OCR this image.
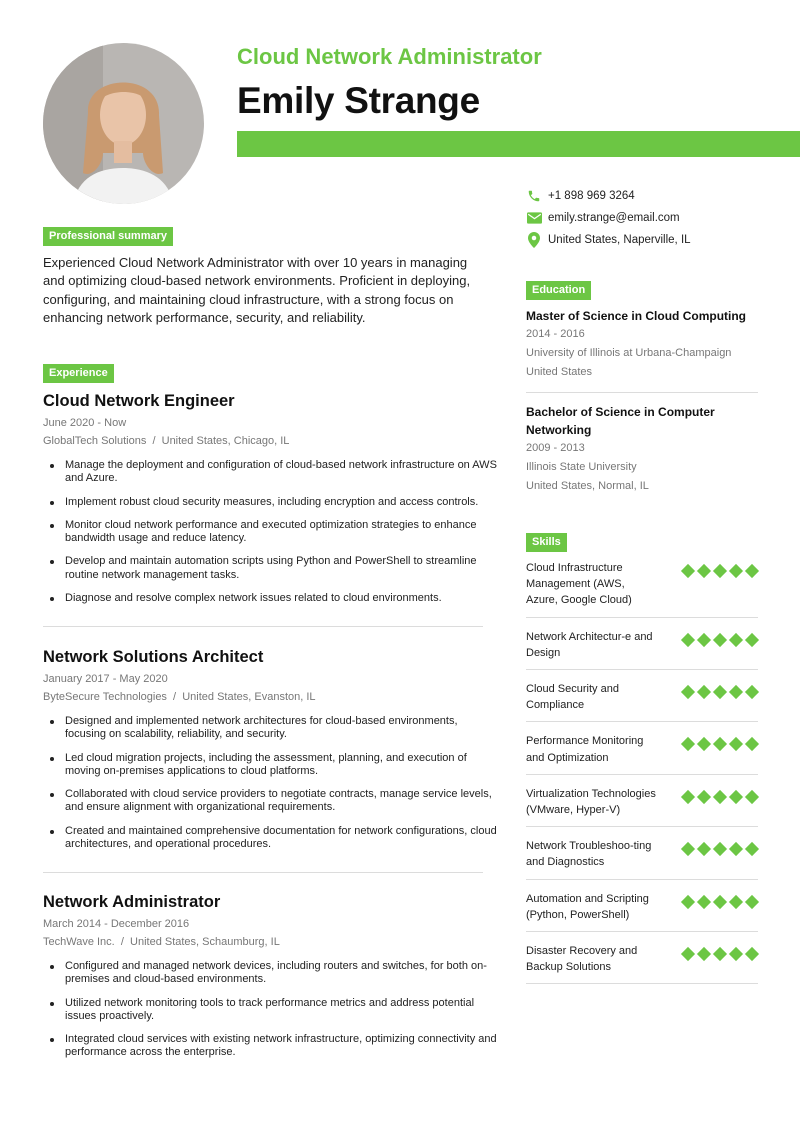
Cloud Network Administrator
Emily Strange
+1 898 969 3264
emily.strange@email.com
United States, Naperville, IL
Professional summary
Experienced Cloud Network Administrator with over 10 years in managing and optimizing cloud-based network environments. Proficient in deploying, configuring, and maintaining cloud infrastructure, with a strong focus on enhancing network performance, security, and reliability.
Experience
Cloud Network Engineer
June 2020 - Now
GlobalTech Solutions  /  United States, Chicago, IL
Manage the deployment and configuration of cloud-based network infrastructure on AWS and Azure.
Implement robust cloud security measures, including encryption and access controls.
Monitor cloud network performance and executed optimization strategies to enhance bandwidth usage and reduce latency.
Develop and maintain automation scripts using Python and PowerShell to streamline routine network management tasks.
Diagnose and resolve complex network issues related to cloud environments.
Network Solutions Architect
January 2017 - May 2020
ByteSecure Technologies  /  United States, Evanston, IL
Designed and implemented network architectures for cloud-based environments, focusing on scalability, reliability, and security.
Led cloud migration projects, including the assessment, planning, and execution of moving on-premises applications to cloud platforms.
Collaborated with cloud service providers to negotiate contracts, manage service levels, and ensure alignment with organizational requirements.
Created and maintained comprehensive documentation for network configurations, cloud architectures, and operational procedures.
Network Administrator
March 2014 - December 2016
TechWave Inc.  /  United States, Schaumburg, IL
Configured and managed network devices, including routers and switches, for both on-premises and cloud-based environments.
Utilized network monitoring tools to track performance metrics and address potential issues proactively.
Integrated cloud services with existing network infrastructure, optimizing connectivity and performance across the enterprise.
Education
Master of Science in Cloud Computing
2014 - 2016
University of Illinois at Urbana-Champaign
United States
Bachelor of Science in Computer Networking
2009 - 2013
Illinois State University
United States, Normal, IL
Skills
Cloud Infrastructure Management (AWS, Azure, Google Cloud)
Network Architectur-e and Design
Cloud Security and Compliance
Performance Monitoring and Optimization
Virtualization Technologies (VMware, Hyper-V)
Network Troubleshoo-ting and Diagnostics
Automation and Scripting (Python, PowerShell)
Disaster Recovery and Backup Solutions
